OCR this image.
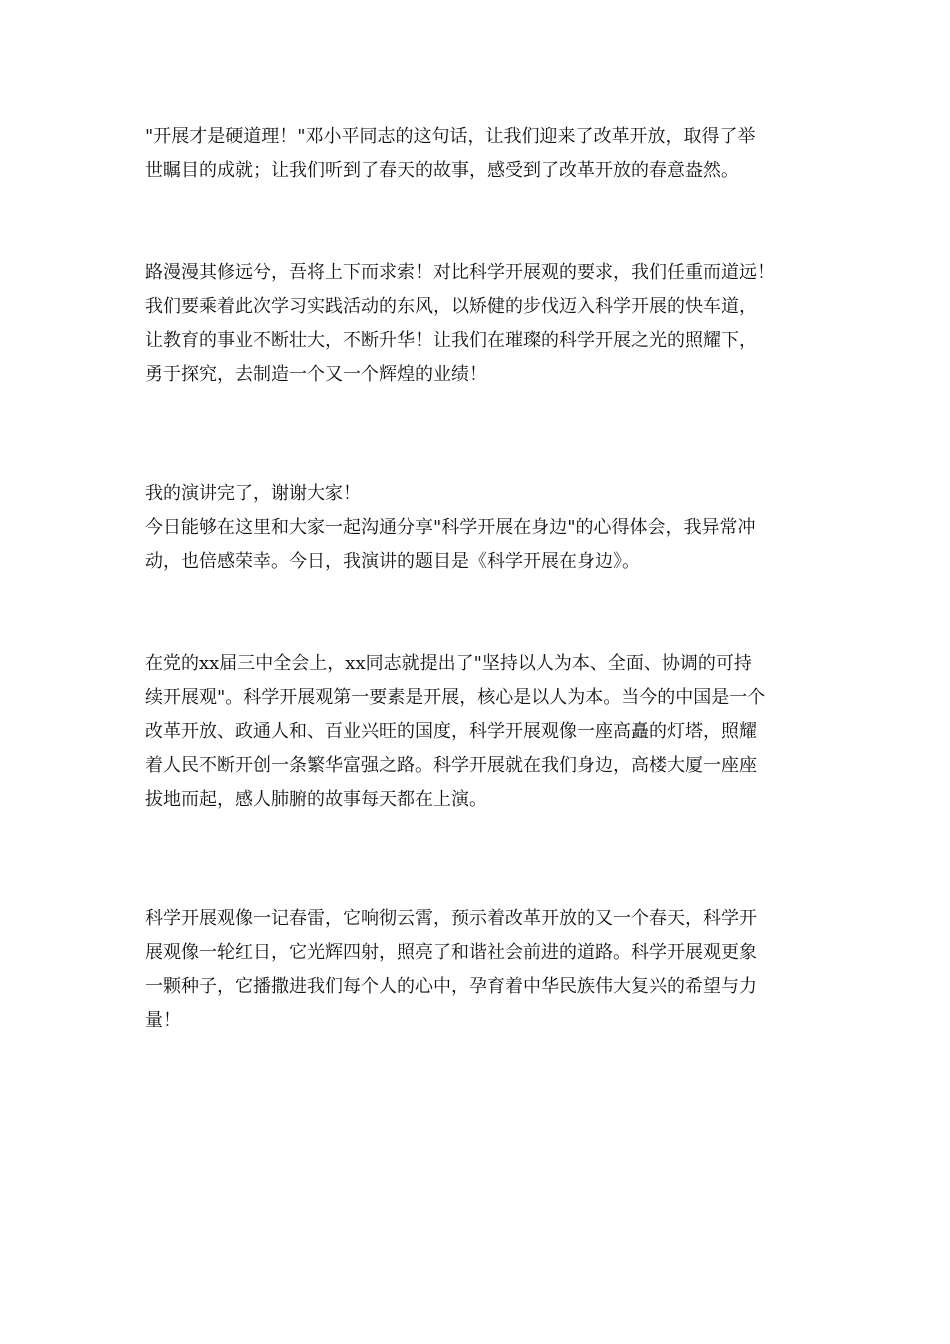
"开展才是硬道理！"邓小平同志的这句话，让我们迎来了改革开放，取得了举
世瞩目的成就；让我们听到了春天的故事，感受到了改革开放的春意盎然。
路漫漫其修远兮，吾将上下而求索！对比科学开展观的要求，我们任重而道远！
我们要乘着此次学习实践活动的东风，以矫健的步伐迈入科学开展的快车道，
让教育的事业不断壮大，不断升华！让我们在璀璨的科学开展之光的照耀下，
勇于探究，去制造一个又一个辉煌的业绩！
我的演讲完了，谢谢大家！
今日能够在这里和大家一起沟通分享"科学开展在身边"的心得体会，我异常冲
动，也倍感荣幸。今日，我演讲的题目是《科学开展在身边》。
在党的xx届三中全会上，xx同志就提出了"坚持以人为本、全面、协调的可持
续开展观"。科学开展观第一要素是开展，核心是以人为本。当今的中国是一个
改革开放、政通人和、百业兴旺的国度，科学开展观像一座高矗的灯塔，照耀
着人民不断开创一条繁华富强之路。科学开展就在我们身边，高楼大厦一座座
拔地而起，感人肺腑的故事每天都在上演。
科学开展观像一记春雷，它响彻云霄，预示着改革开放的又一个春天，科学开
展观像一轮红日，它光辉四射，照亮了和谐社会前进的道路。科学开展观更象
一颗种子，它播撒进我们每个人的心中，孕育着中华民族伟大复兴的希望与力
量！
